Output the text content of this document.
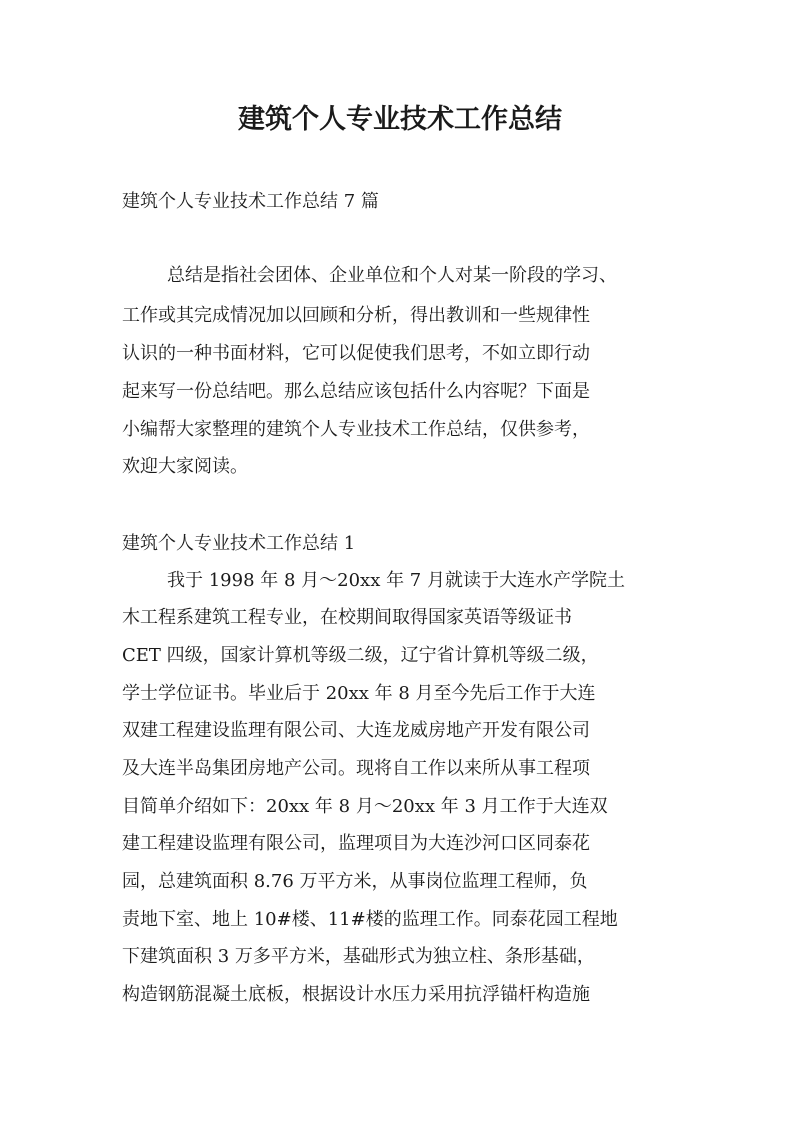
建筑个人专业技术工作总结

建筑个人专业技术工作总结 7 篇

总结是指社会团体、企业单位和个人对某一阶段的学习、

工作或其完成情况加以回顾和分析，得出教训和一些规律性

认识的一种书面材料，它可以促使我们思考，不如立即行动

起来写一份总结吧。那么总结应该包括什么内容呢？下面是

小编帮大家整理的建筑个人专业技术工作总结，仅供参考，

欢迎大家阅读。

建筑个人专业技术工作总结 1

我于 1998 年 8 月～20xx 年 7 月就读于大连水产学院土

木工程系建筑工程专业，在校期间取得国家英语等级证书

CET 四级，国家计算机等级二级，辽宁省计算机等级二级，

学士学位证书。毕业后于 20xx 年 8 月至今先后工作于大连

双建工程建设监理有限公司、大连龙威房地产开发有限公司

及大连半岛集团房地产公司。现将自工作以来所从事工程项

目简单介绍如下：20xx 年 8 月～20xx 年 3 月工作于大连双

建工程建设监理有限公司，监理项目为大连沙河口区同泰花

园，总建筑面积 8.76 万平方米，从事岗位监理工程师，负

责地下室、地上 10#楼、11#楼的监理工作。同泰花园工程地

下建筑面积 3 万多平方米，基础形式为独立柱、条形基础，

构造钢筋混凝土底板，根据设计水压力采用抗浮锚杆构造施
